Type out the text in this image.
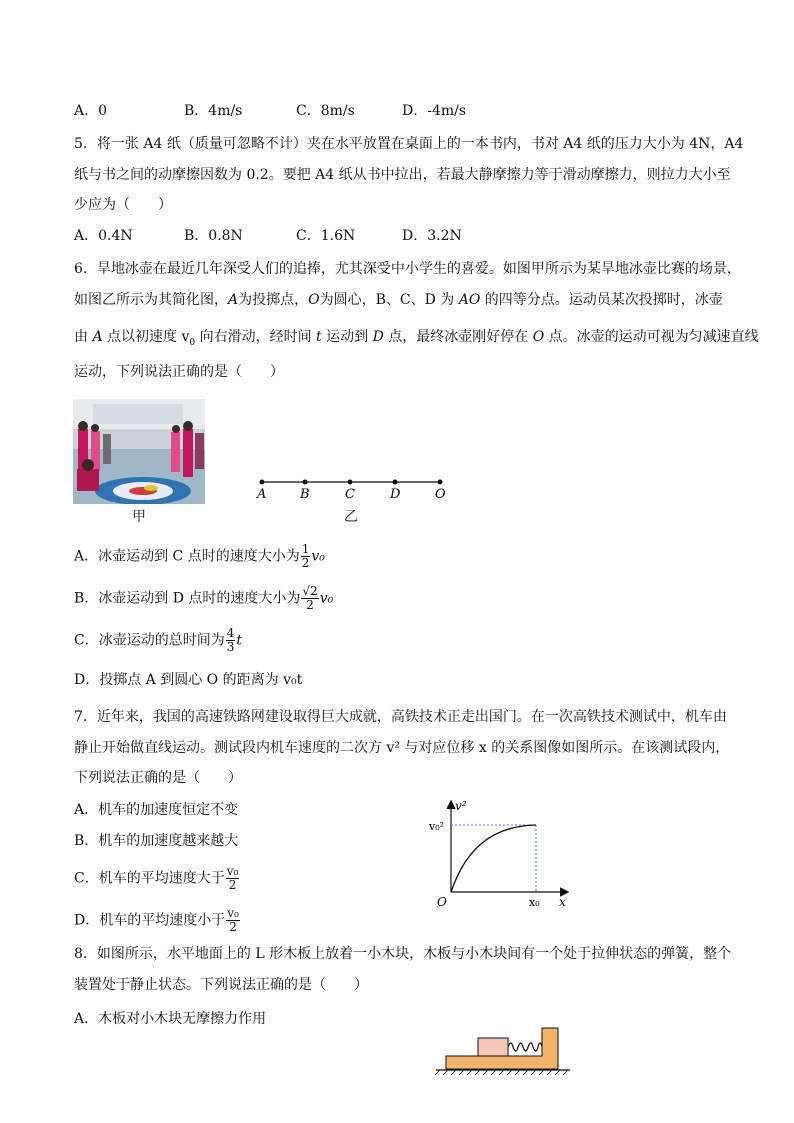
A．0	B．4m/s	C．8m/s	D．-4m/s
5．将一张 A4 纸（质量可忽略不计）夹在水平放置在桌面上的一本书内，书对 A4 纸的压力大小为 4N，A4
纸与书之间的动摩擦因数为 0.2。要把 A4 纸从书中拉出，若最大静摩擦力等于滑动摩擦力，则拉力大小至
少应为（　　）
A．0.4N	B．0.8N	C．1.6N	D．3.2N
6．旱地冰壶在最近几年深受人们的追捧，尤其深受中小学生的喜爱。如图甲所示为某旱地冰壶比赛的场景，
如图乙所示为其简化图，A为投掷点，O为圆心，B、C、D 为 AO 的四等分点。运动员某次投掷时，冰壶
由 A 点以初速度 $v_0$ 向右滑动，经时间 t 运动到 D 点，最终冰壶刚好停在 O 点。冰壶的运动可视为匀减速直线
运动，下列说法正确的是（　　）
甲
A	B	C	D	O
乙
A．冰壶运动到 C 点时的速度大小为 $\frac{1}{2} v_0$
B．冰壶运动到 D 点时的速度大小为 $\frac{√2}{2} v_0$
C．冰壶运动的总时间为 $\frac{4}{3}$ t
D．投掷点 A 到圆心 O 的距离为 v₀t
7．近年来，我国的高速铁路网建设取得巨大成就，高铁技术正走出国门。在一次高铁技术测试中，机车由
静止开始做直线运动。测试段内机车速度的二次方 v² 与对应位移 x 的关系图像如图所示。在该测试段内，
下列说法正确的是（　　）
A．机车的加速度恒定不变
B．机车的加速度越来越大
C．机车的平均速度大于 $\frac{\text{v₀}}{2}$
D．机车的平均速度小于 $\frac{\text{v₀}}{2}$
v²
x
O
v₀²
x₀
8．如图所示，水平地面上的 L 形木板上放着一小木块，木板与小木块间有一个处于拉伸状态的弹簧，整个
装置处于静止状态。下列说法正确的是（　　）
A．木板对小木块无摩擦力作用
